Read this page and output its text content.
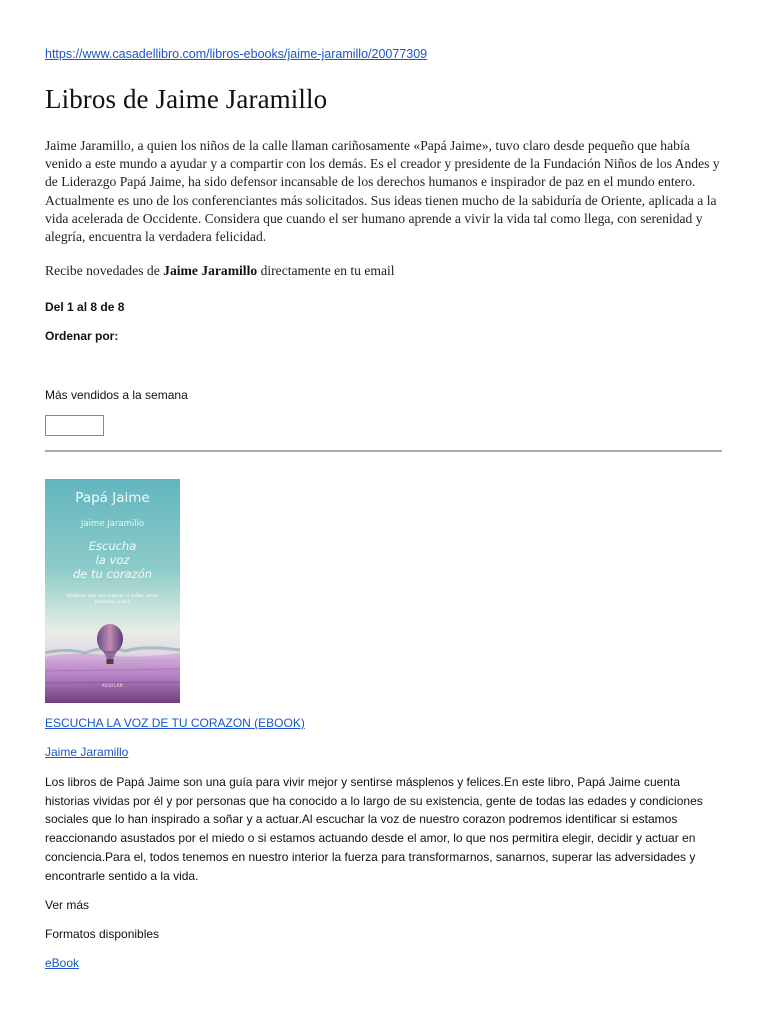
https://www.casadellibro.com/libros-ebooks/jaime-jaramillo/20077309
Libros de Jaime Jaramillo

Jaime Jaramillo, a quien los niños de la calle llaman cariñosamente «Papá Jaime», tuvo claro desde pequeño que había venido a este mundo a ayudar y a compartir con los demás. Es el creador y presidente de la Fundación Niños de los Andes y de Liderazgo Papá Jaime, ha sido defensor incansable de los derechos humanos e inspirador de paz en el mundo entero. Actualmente es uno de los conferenciantes más solicitados. Sus ideas tienen mucho de la sabiduría de Oriente, aplicada a la vida acelerada de Occidente. Considera que cuando el ser humano aprende a vivir la vida tal como llega, con serenidad y alegría, encuentra la verdadera felicidad.

Recibe novedades de Jaime Jaramillo directamente en tu email

Del 1 al 8 de 8

Ordenar por:

Más vendidos a la semana

Papá Jaime
Jaime Jaramillo
Escucha
la voz
de tu corazón
Historias que nos inspiran a soñar, amar, perdonar y vivir
AGUILAR
ESCUCHA LA VOZ DE TU CORAZON (EBOOK)
Jaime Jaramillo

Los libros de Papá Jaime son una guía para vivir mejor y sentirse másplenos y felices.En este libro, Papá Jaime cuenta historias vividas por él y por personas que ha conocido a lo largo de su existencia, gente de todas las edades y condiciones sociales que lo han inspirado a soñar y a actuar.Al escuchar la voz de nuestro corazon podremos identificar si estamos reaccionando asustados por el miedo o si estamos actuando desde el amor, lo que nos permitira elegir, decidir y actuar en conciencia.Para el, todos tenemos en nuestro interior la fuerza para transformarnos, sanarnos, superar las adversidades y encontrarle sentido a la vida.

Ver más

Formatos disponibles

eBook
